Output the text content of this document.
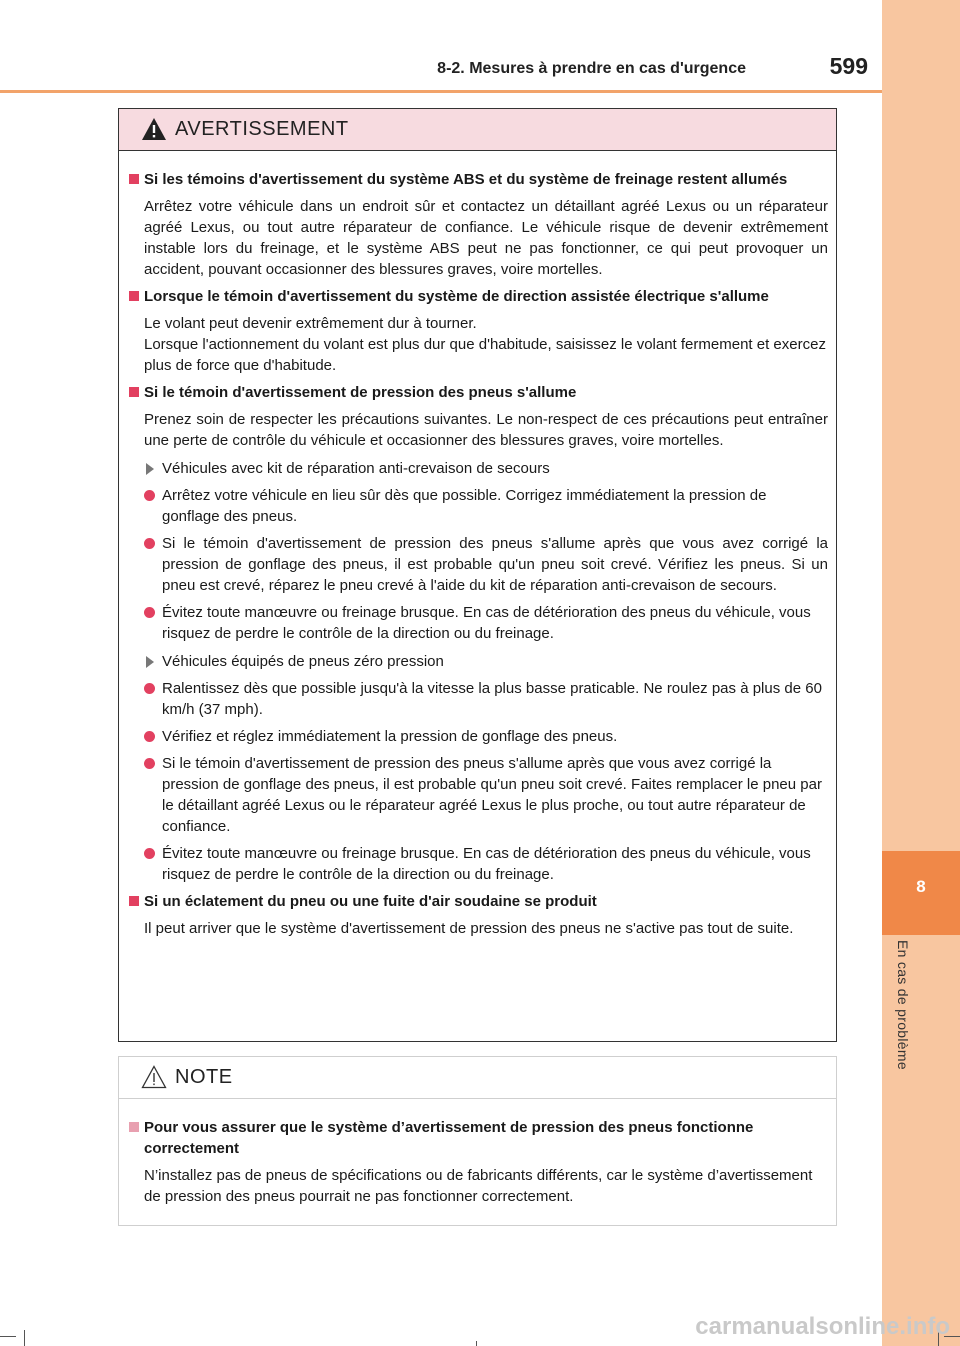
8-2. Mesures à prendre en cas d'urgence	599
8
En cas de problème
AVERTISSEMENT
Si les témoins d'avertissement du système ABS et du système de freinage restent allumés
Arrêtez votre véhicule dans un endroit sûr et contactez un détaillant agréé Lexus ou un réparateur agréé Lexus, ou tout autre réparateur de confiance. Le véhicule risque de devenir extrêmement instable lors du freinage, et le système ABS peut ne pas fonctionner, ce qui peut provoquer un accident, pouvant occasionner des blessures graves, voire mortelles.
Lorsque le témoin d'avertissement du système de direction assistée électrique s'allume
Le volant peut devenir extrêmement dur à tourner.
Lorsque l'actionnement du volant est plus dur que d'habitude, saisissez le volant fermement et exercez plus de force que d'habitude.
Si le témoin d'avertissement de pression des pneus s'allume
Prenez soin de respecter les précautions suivantes. Le non-respect de ces précautions peut entraîner une perte de contrôle du véhicule et occasionner des blessures graves, voire mortelles.
Véhicules avec kit de réparation anti-crevaison de secours
Arrêtez votre véhicule en lieu sûr dès que possible. Corrigez immédiatement la pression de gonflage des pneus.
Si le témoin d'avertissement de pression des pneus s'allume après que vous avez corrigé la pression de gonflage des pneus, il est probable qu'un pneu soit crevé. Vérifiez les pneus. Si un pneu est crevé, réparez le pneu crevé à l'aide du kit de réparation anti-crevaison de secours.
Évitez toute manœuvre ou freinage brusque. En cas de détérioration des pneus du véhicule, vous risquez de perdre le contrôle de la direction ou du freinage.
Véhicules équipés de pneus zéro pression
Ralentissez dès que possible jusqu'à la vitesse la plus basse praticable. Ne roulez pas à plus de 60 km/h (37 mph).
Vérifiez et réglez immédiatement la pression de gonflage des pneus.
Si le témoin d'avertissement de pression des pneus s'allume après que vous avez corrigé la pression de gonflage des pneus, il est probable qu'un pneu soit crevé. Faites remplacer le pneu par le détaillant agréé Lexus ou le réparateur agréé Lexus le plus proche, ou tout autre réparateur de confiance.
Évitez toute manœuvre ou freinage brusque. En cas de détérioration des pneus du véhicule, vous risquez de perdre le contrôle de la direction ou du freinage.
Si un éclatement du pneu ou une fuite d'air soudaine se produit
Il peut arriver que le système d'avertissement de pression des pneus ne s'active pas tout de suite.
NOTE
Pour vous assurer que le système d’avertissement de pression des pneus fonctionne correctement
N’installez pas de pneus de spécifications ou de fabricants différents, car le système d’avertissement de pression des pneus pourrait ne pas fonctionner correctement.
carmanualsonline.info
